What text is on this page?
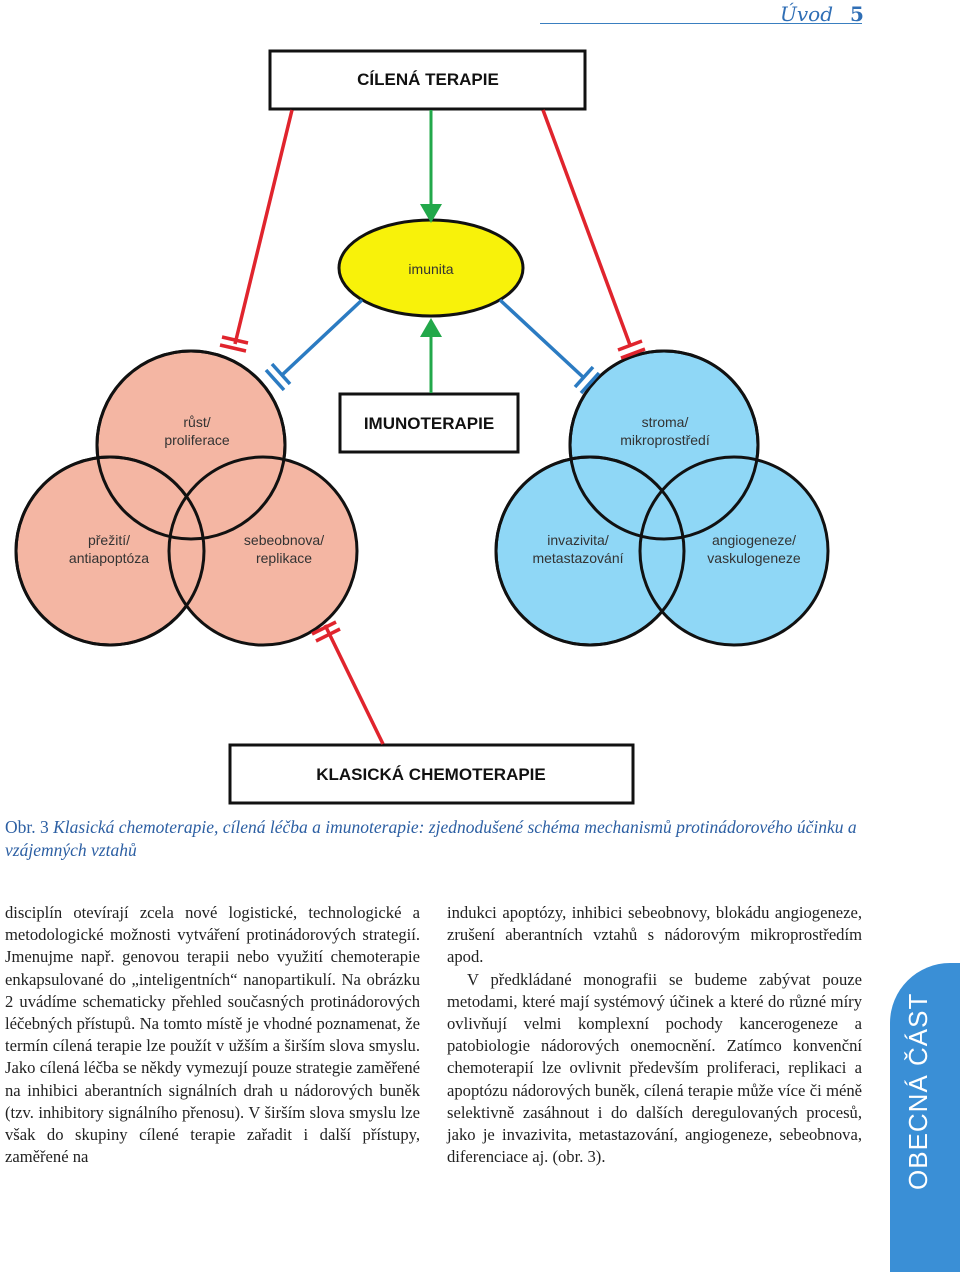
Úvod 5
CÍLENÁ TERAPIE
IMUNOTERAPIE
KLASICKÁ CHEMOTERAPIE
imunita
růst/
proliferace
přežití/
antiapoptóza
sebeobnova/
replikace
stroma/
mikroprostředí
invazivita/
metastazování
angiogeneze/
vaskulogeneze
Obr. 3 Klasická chemoterapie, cílená léčba a imunoterapie: zjednodušené schéma mechanismů protinádorového účinku a vzájemných vztahů

disciplín otevírají zcela nové logistické, technologické a metodologické možnosti vytváření protinádorových strategií. Jmenujme např. genovou terapii nebo využití chemoterapie enkapsulované do „inteligentních“ nanopartikulí. Na obrázku 2 uvádíme schematicky přehled současných protinádorových léčebných přístupů. Na tomto místě je vhodné poznamenat, že termín cílená terapie lze použít v užším a širším slova smyslu. Jako cílená léčba se někdy vymezují pouze strategie zaměřené na inhibici aberantních signálních drah u nádorových buněk (tzv. inhibitory signálního přenosu). V širším slova smyslu lze však do skupiny cílené terapie zařadit i další přístupy, zaměřené na

indukci apoptózy, inhibici sebeobnovy, blokádu angiogeneze, zrušení aberantních vztahů s nádorovým mikroprostředím apod.

V předkládané monografii se budeme zabývat pouze metodami, které mají systémový účinek a které do různé míry ovlivňují velmi komplexní pochody kancerogeneze a patobiologie nádorových onemocnění. Zatímco konvenční chemoterapií lze ovlivnit především proliferaci, replikaci a apoptózu nádorových buněk, cílená terapie může více či méně selektivně zasáhnout i do dalších deregulovaných procesů, jako je invazivita, metastazování, angiogeneze, sebeobnova, diferenciace aj. (obr. 3).	OBECNÁ ČÁST
